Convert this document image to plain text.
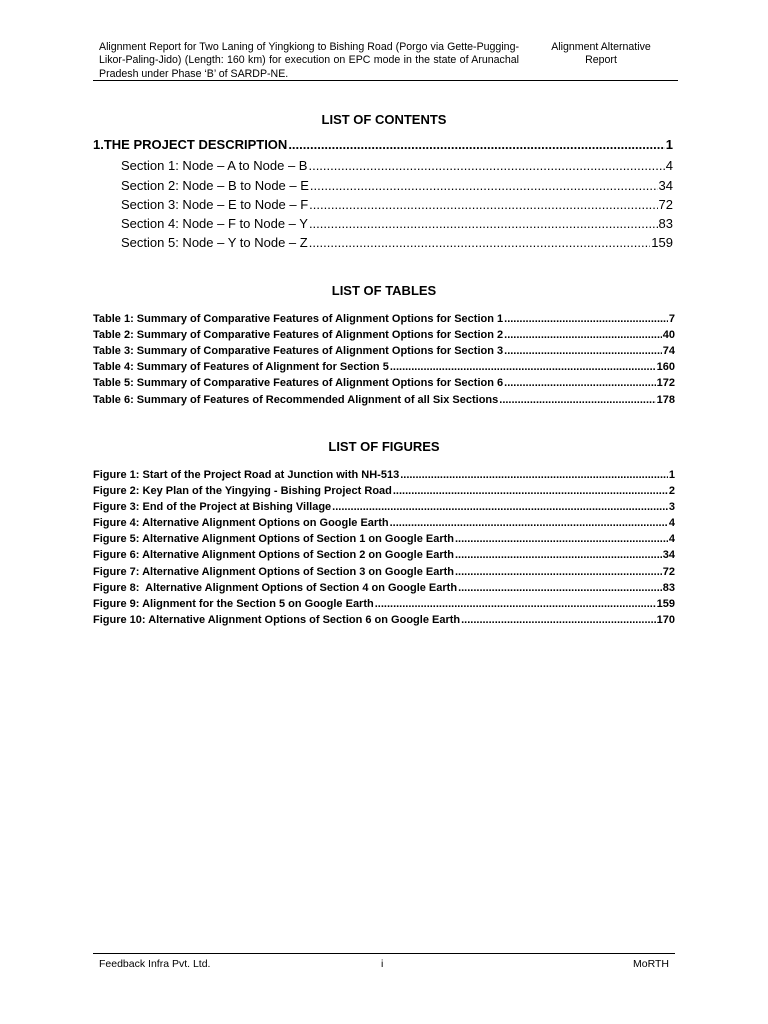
Alignment Report for Two Laning of Yingkiong to Bishing Road (Porgo via Gette-Pugging-Likor-Paling-Jido) (Length: 160 km) for execution on EPC mode in the state of Arunachal Pradesh under Phase ‘B’ of SARDP-NE.
Alignment Alternative Report
LIST OF CONTENTS
1.THE PROJECT DESCRIPTION .....	1
Section 1: Node – A to Node – B .....	4
Section 2: Node – B to Node – E .....	34
Section 3: Node – E to Node – F .....	72
Section 4: Node – F to Node – Y .....	83
Section 5: Node – Y to Node – Z .....	159
LIST OF TABLES
Table 1: Summary of Comparative Features of Alignment Options for Section 1 .....	7
Table 2: Summary of Comparative Features of Alignment Options for Section 2 .....	40
Table 3: Summary of Comparative Features of Alignment Options for Section 3 .....	74
Table 4: Summary of Features of Alignment for Section 5 .....	160
Table 5: Summary of Comparative Features of Alignment Options for Section 6 .....	172
Table 6: Summary of Features of Recommended Alignment of all Six Sections .....	178
LIST OF FIGURES
Figure 1: Start of the Project Road at Junction with NH-513 .....	1
Figure 2: Key Plan of the Yingying - Bishing Project Road .....	2
Figure 3: End of the Project at Bishing Village .....	3
Figure 4: Alternative Alignment Options on Google Earth .....	4
Figure 5: Alternative Alignment Options of Section 1 on Google Earth .....	4
Figure 6: Alternative Alignment Options of Section 2 on Google Earth .....	34
Figure 7: Alternative Alignment Options of Section 3 on Google Earth .....	72
Figure 8:  Alternative Alignment Options of Section 4 on Google Earth .....	83
Figure 9: Alignment for the Section 5 on Google Earth .....	159
Figure 10: Alternative Alignment Options of Section 6 on Google Earth .....	170
Feedback Infra Pvt. Ltd.	i	MoRTH
